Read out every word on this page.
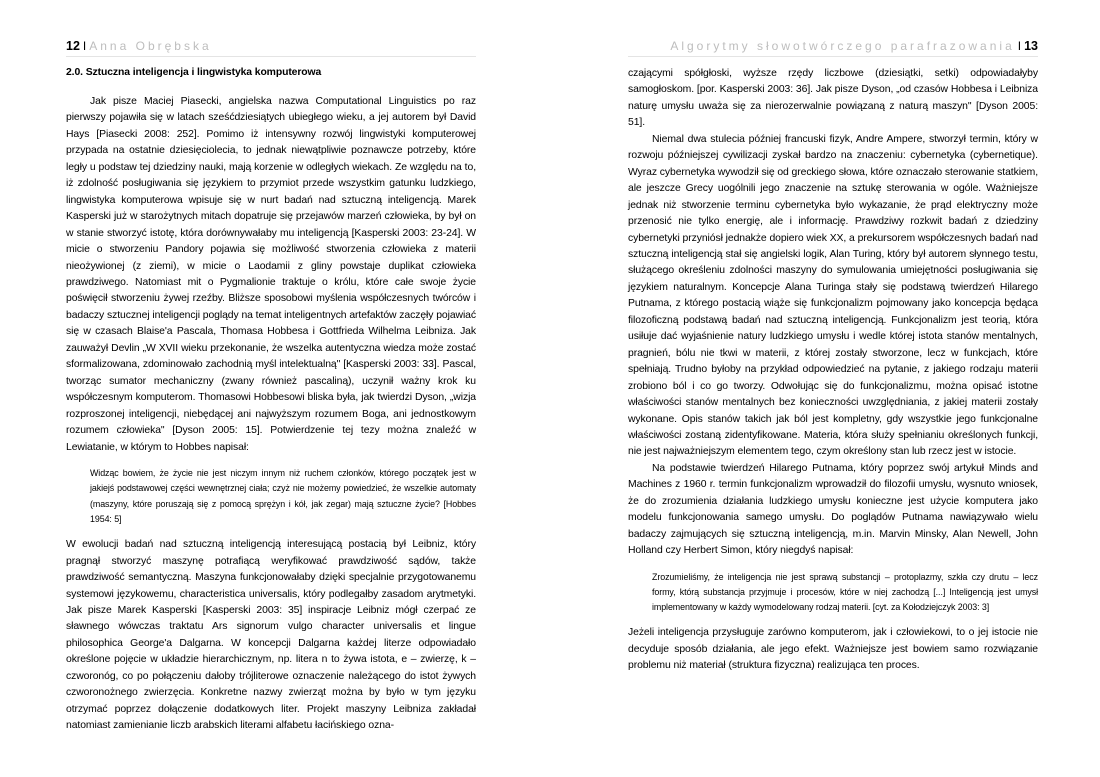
12 I Anna Obrębska
2.0. Sztuczna inteligencja i lingwistyka komputerowa

Jak pisze Maciej Piasecki, angielska nazwa Computational Linguistics po raz pierwszy pojawiła się w latach sześćdziesiątych ubiegłego wieku, a jej autorem był David Hays [Piasecki 2008: 252]. Pomimo iż intensywny rozwój lingwistyki komputerowej przypada na ostatnie dziesięciolecia, to jednak niewątpliwie poznawcze potrzeby, które legły u podstaw tej dziedziny nauki, mają korzenie w odległych wiekach. Ze względu na to, iż zdolność posługiwania się językiem to przymiot przede wszystkim gatunku ludzkiego, lingwistyka komputerowa wpisuje się w nurt badań nad sztuczną inteligencją. Marek Kasperski już w starożytnych mitach dopatruje się przejawów marzeń człowieka, by był on w stanie stworzyć istotę, która dorównywałaby mu inteligencją [Kasperski 2003: 23-24]. W micie o stworzeniu Pandory pojawia się możliwość stworzenia człowieka z materii nieożywionej (z ziemi), w micie o Laodamii z gliny powstaje duplikat człowieka prawdziwego. Natomiast mit o Pygmalionie traktuje o królu, które całe swoje życie poświęcił stworzeniu żywej rzeźby. Bliższe sposobowi myślenia współczesnych twórców i badaczy sztucznej inteligencji poglądy na temat inteligentnych artefaktów zaczęły pojawiać się w czasach Blaise'a Pascala, Thomasa Hobbesa i Gottfrieda Wilhelma Leibniza. Jak zauważył Devlin „W XVII wieku przekonanie, że wszelka autentyczna wiedza może zostać sformalizowana, zdominowało zachodnią myśl intelektualną" [Kasperski 2003: 33]. Pascal, tworząc sumator mechaniczny (zwany również pascaliną), uczynił ważny krok ku współczesnym komputerom. Thomasowi Hobbesowi bliska była, jak twierdzi Dyson, „wizja rozproszonej inteligencji, niebędącej ani najwyższym rozumem Boga, ani jednostkowym rozumem człowieka" [Dyson 2005: 15]. Potwierdzenie tej tezy można znaleźć w Lewiatanie, w którym to Hobbes napisał:

Widząc bowiem, że życie nie jest niczym innym niż ruchem członków, którego początek jest w jakiejś podstawowej części wewnętrznej ciała; czyż nie możemy powiedzieć, że wszelkie automaty (maszyny, które poruszają się z pomocą sprężyn i kół, jak zegar) mają sztuczne życie? [Hobbes 1954: 5]

W ewolucji badań nad sztuczną inteligencją interesującą postacią był Leibniz, który pragnął stworzyć maszynę potrafiącą weryfikować prawdziwość sądów, także prawdziwość semantyczną. Maszyna funkcjonowałaby dzięki specjalnie przygotowanemu systemowi językowemu, characteristica universalis, który podlegałby zasadom arytmetyki. Jak pisze Marek Kasperski [Kasperski 2003: 35] inspiracje Leibniz mógł czerpać ze sławnego wówczas traktatu Ars signorum vulgo character universalis et lingue philosophica George'a Dalgarna. W koncepcji Dalgarna każdej literze odpowiadało określone pojęcie w układzie hierarchicznym, np. litera n to żywa istota, e – zwierzę, k – czworonóg, co po połączeniu dałoby trójliterowe oznaczenie należącego do istot żywych czworonożnego zwierzęcia. Konkretne nazwy zwierząt można by było w tym języku otrzymać poprzez dołączenie dodatkowych liter. Projekt maszyny Leibniza zakładał natomiast zamienianie liczb arabskich literami alfabetu łacińskiego ozna-

Algorytmy słowotwórczego parafrazowania I 13

czającymi spółgłoski, wyższe rzędy liczbowe (dziesiątki, setki) odpowiadałyby samogłoskom. [por. Kasperski 2003: 36]. Jak pisze Dyson, „od czasów Hobbesa i Leibniza naturę umysłu uważa się za nierozerwalnie powiązaną z naturą maszyn" [Dyson 2005: 51].

Niemal dwa stulecia później francuski fizyk, Andre Ampere, stworzył termin, który w rozwoju późniejszej cywilizacji zyskał bardzo na znaczeniu: cybernetyka (cybernetique). Wyraz cybernetyka wywodził się od greckiego słowa, które oznaczało sterowanie statkiem, ale jeszcze Grecy uogólnili jego znaczenie na sztukę sterowania w ogóle. Ważniejsze jednak niż stworzenie terminu cybernetyka było wykazanie, że prąd elektryczny może przenosić nie tylko energię, ale i informację. Prawdziwy rozkwit badań z dziedziny cybernetyki przyniósł jednakże dopiero wiek XX, a prekursorem współczesnych badań nad sztuczną inteligencją stał się angielski logik, Alan Turing, który był autorem słynnego testu, służącego określeniu zdolności maszyny do symulowania umiejętności posługiwania się językiem naturalnym. Koncepcje Alana Turinga stały się podstawą twierdzeń Hilarego Putnama, z którego postacią wiąże się funkcjonalizm pojmowany jako koncepcja będąca filozoficzną podstawą badań nad sztuczną inteligencją. Funkcjonalizm jest teorią, która usiłuje dać wyjaśnienie natury ludzkiego umysłu i wedle której istota stanów mentalnych, pragnień, bólu nie tkwi w materii, z której zostały stworzone, lecz w funkcjach, które spełniają. Trudno byłoby na przykład odpowiedzieć na pytanie, z jakiego rodzaju materii zrobiono ból i co go tworzy. Odwołując się do funkcjonalizmu, można opisać istotne właściwości stanów mentalnych bez konieczności uwzględniania, z jakiej materii zostały wykonane. Opis stanów takich jak ból jest kompletny, gdy wszystkie jego funkcjonalne właściwości zostaną zidentyfikowane. Materia, która służy spełnianiu określonych funkcji, nie jest najważniejszym elementem tego, czym określony stan lub rzecz jest w istocie.

Na podstawie twierdzeń Hilarego Putnama, który poprzez swój artykuł Minds and Machines z 1960 r. termin funkcjonalizm wprowadził do filozofii umysłu, wysnuto wniosek, że do zrozumienia działania ludzkiego umysłu konieczne jest użycie komputera jako modelu funkcjonowania samego umysłu. Do poglądów Putnama nawiązywało wielu badaczy zajmujących się sztuczną inteligencją, m.in. Marvin Minsky, Alan Newell, John Holland czy Herbert Simon, który niegdyś napisał:

Zrozumieliśmy, że inteligencja nie jest sprawą substancji – protoplazmy, szkła czy drutu – lecz formy, którą substancja przyjmuje i procesów, które w niej zachodzą [...] Inteligencją jest umysł implementowany w każdy wymodelowany rodzaj materii. [cyt. za Kołodziejczyk 2003: 3]

Jeżeli inteligencja przysługuje zarówno komputerom, jak i człowiekowi, to o jej istocie nie decyduje sposób działania, ale jego efekt. Ważniejsze jest bowiem samo rozwiązanie problemu niż materiał (struktura fizyczna) realizująca ten proces.
